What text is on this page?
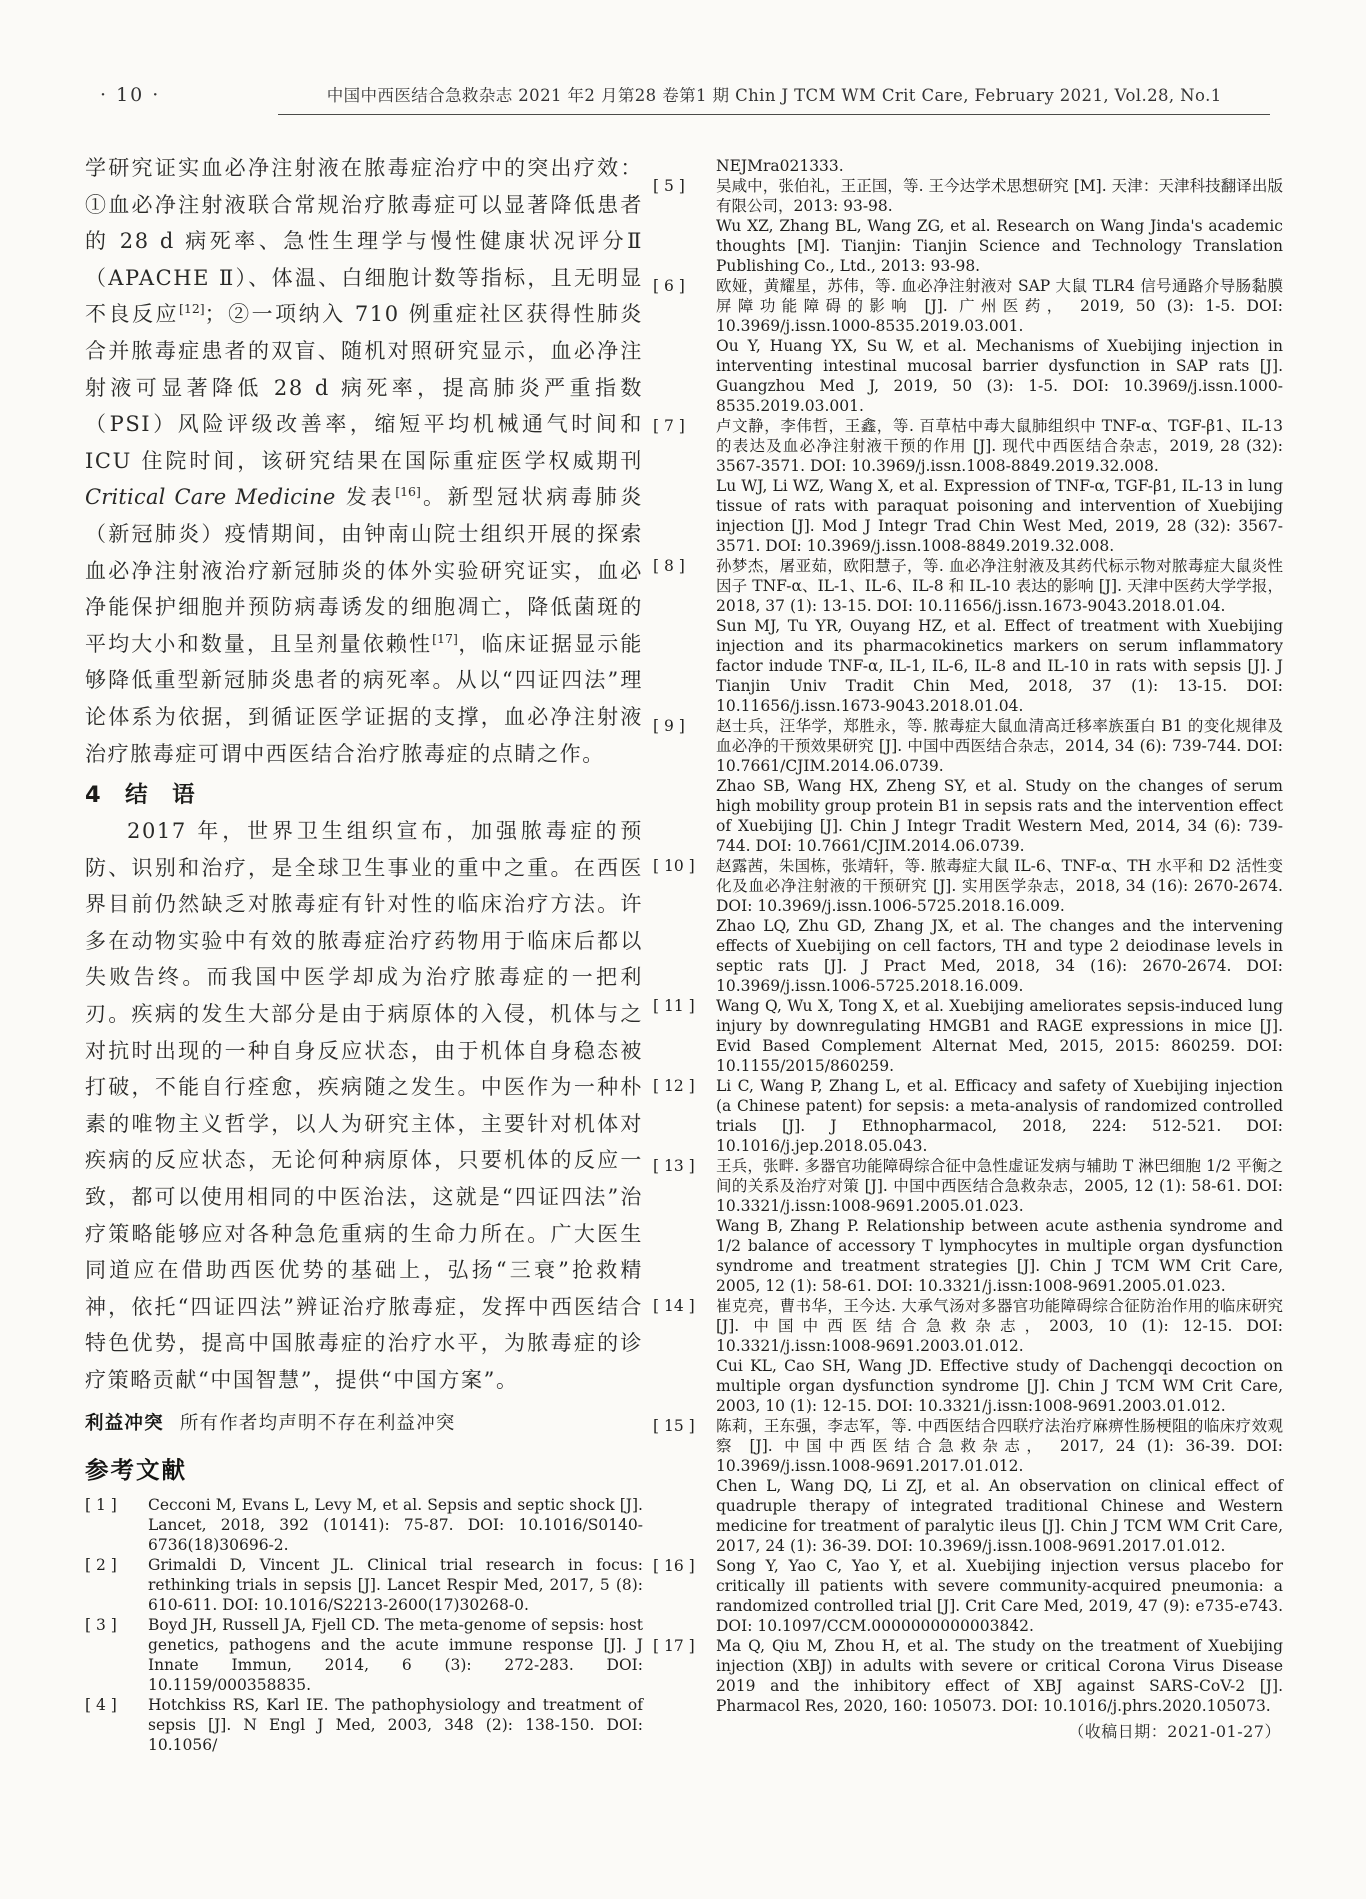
· 10 ·	中国中西医结合急救杂志 2021 年2 月第28 卷第1 期 Chin J TCM WM Crit Care, February 2021, Vol.28, No.1

学研究证实血必净注射液在脓毒症治疗中的突出疗效：①血必净注射液联合常规治疗脓毒症可以显著降低患者的 28 d 病死率、急性生理学与慢性健康状况评分Ⅱ（APACHE Ⅱ）、体温、白细胞计数等指标，且无明显不良反应[12]；②一项纳入 710 例重症社区获得性肺炎合并脓毒症患者的双盲、随机对照研究显示，血必净注射液可显著降低 28 d 病死率，提高肺炎严重指数（PSI）风险评级改善率，缩短平均机械通气时间和 ICU 住院时间，该研究结果在国际重症医学权威期刊 Critical Care Medicine 发表[16]。新型冠状病毒肺炎（新冠肺炎）疫情期间，由钟南山院士组织开展的探索血必净注射液治疗新冠肺炎的体外实验研究证实，血必净能保护细胞并预防病毒诱发的细胞凋亡，降低菌斑的平均大小和数量，且呈剂量依赖性[17]，临床证据显示能够降低重型新冠肺炎患者的病死率。从以“四证四法”理论体系为依据，到循证医学证据的支撑，血必净注射液治疗脓毒症可谓中西医结合治疗脓毒症的点睛之作。

4　结　语

2017 年，世界卫生组织宣布，加强脓毒症的预防、识别和治疗，是全球卫生事业的重中之重。在西医界目前仍然缺乏对脓毒症有针对性的临床治疗方法。许多在动物实验中有效的脓毒症治疗药物用于临床后都以失败告终。而我国中医学却成为治疗脓毒症的一把利刃。疾病的发生大部分是由于病原体的入侵，机体与之对抗时出现的一种自身反应状态，由于机体自身稳态被打破，不能自行痊愈，疾病随之发生。中医作为一种朴素的唯物主义哲学，以人为研究主体，主要针对机体对疾病的反应状态，无论何种病原体，只要机体的反应一致，都可以使用相同的中医治法，这就是“四证四法”治疗策略能够应对各种急危重病的生命力所在。广大医生同道应在借助西医优势的基础上，弘扬“三衰”抢救精神，依托“四证四法”辨证治疗脓毒症，发挥中西医结合特色优势，提高中国脓毒症的治疗水平，为脓毒症的诊疗策略贡献“中国智慧”，提供“中国方案”。

利益冲突 所有作者均声明不存在利益冲突

参考文献
[ 1 ]	Cecconi M, Evans L, Levy M, et al. Sepsis and septic shock [J]. Lancet, 2018, 392 (10141): 75-87. DOI: 10.1016/S0140-6736(18)30696-2.
[ 2 ]	Grimaldi D, Vincent JL. Clinical trial research in focus: rethinking trials in sepsis [J]. Lancet Respir Med, 2017, 5 (8): 610-611. DOI: 10.1016/S2213-2600(17)30268-0.
[ 3 ]	Boyd JH, Russell JA, Fjell CD. The meta-genome of sepsis: host genetics, pathogens and the acute immune response [J]. J Innate Immun, 2014, 6 (3): 272-283. DOI: 10.1159/000358835.
[ 4 ]	Hotchkiss RS, Karl IE. The pathophysiology and treatment of sepsis [J]. N Engl J Med, 2003, 348 (2): 138-150. DOI: 10.1056/
NEJMra021333.
[ 5 ]	吴咸中，张伯礼，王正国，等. 王今达学术思想研究 [M]. 天津：天津科技翻译出版有限公司，2013: 93-98.
Wu XZ, Zhang BL, Wang ZG, et al. Research on Wang Jinda's academic thoughts [M]. Tianjin: Tianjin Science and Technology Translation Publishing Co., Ltd., 2013: 93-98.
[ 6 ]	欧娅，黄耀星，苏伟，等. 血必净注射液对 SAP 大鼠 TLR4 信号通路介导肠黏膜屏障功能障碍的影响 [J]. 广州医药， 2019, 50 (3): 1-5. DOI: 10.3969/j.issn.1000-8535.2019.03.001.
Ou Y, Huang YX, Su W, et al. Mechanisms of Xuebijing injection in interventing intestinal mucosal barrier dysfunction in SAP rats [J]. Guangzhou Med J, 2019, 50 (3): 1-5. DOI: 10.3969/j.issn.1000-8535.2019.03.001.
[ 7 ]	卢文静，李伟哲，王鑫，等. 百草枯中毒大鼠肺组织中 TNF-α、TGF-β1、IL-13 的表达及血必净注射液干预的作用 [J]. 现代中西医结合杂志，2019, 28 (32): 3567-3571. DOI: 10.3969/j.issn.1008-8849.2019.32.008.
Lu WJ, Li WZ, Wang X, et al. Expression of TNF-α, TGF-β1, IL-13 in lung tissue of rats with paraquat poisoning and intervention of Xuebijing injection [J]. Mod J Integr Trad Chin West Med, 2019, 28 (32): 3567-3571. DOI: 10.3969/j.issn.1008-8849.2019.32.008.
[ 8 ]	孙梦杰，屠亚茹，欧阳慧子，等. 血必净注射液及其药代标示物对脓毒症大鼠炎性因子 TNF-α、IL-1、IL-6、IL-8 和 IL-10 表达的影响 [J]. 天津中医药大学学报，2018, 37 (1): 13-15. DOI: 10.11656/j.issn.1673-9043.2018.01.04.
Sun MJ, Tu YR, Ouyang HZ, et al. Effect of treatment with Xuebijing injection and its pharmacokinetics markers on serum inflammatory factor indude TNF-α, IL-1, IL-6, IL-8 and IL-10 in rats with sepsis [J]. J Tianjin Univ Tradit Chin Med, 2018, 37 (1): 13-15. DOI: 10.11656/j.issn.1673-9043.2018.01.04.
[ 9 ]	赵士兵，汪华学，郑胜永，等. 脓毒症大鼠血清高迁移率族蛋白 B1 的变化规律及血必净的干预效果研究 [J]. 中国中西医结合杂志，2014, 34 (6): 739-744. DOI: 10.7661/CJIM.2014.06.0739.
Zhao SB, Wang HX, Zheng SY, et al. Study on the changes of serum high mobility group protein B1 in sepsis rats and the intervention effect of Xuebijing [J]. Chin J Integr Tradit Western Med, 2014, 34 (6): 739-744. DOI: 10.7661/CJIM.2014.06.0739.
[ 10 ]	赵露茜，朱国栋，张靖轩，等. 脓毒症大鼠 IL-6、TNF-α、TH 水平和 D2 活性变化及血必净注射液的干预研究 [J]. 实用医学杂志，2018, 34 (16): 2670-2674. DOI: 10.3969/j.issn.1006-5725.2018.16.009.
Zhao LQ, Zhu GD, Zhang JX, et al. The changes and the intervening effects of Xuebijing on cell factors, TH and type 2 deiodinase levels in septic rats [J]. J Pract Med, 2018, 34 (16): 2670-2674. DOI: 10.3969/j.issn.1006-5725.2018.16.009.
[ 11 ]	Wang Q, Wu X, Tong X, et al. Xuebijing ameliorates sepsis-induced lung injury by downregulating HMGB1 and RAGE expressions in mice [J]. Evid Based Complement Alternat Med, 2015, 2015: 860259. DOI: 10.1155/2015/860259.
[ 12 ]	Li C, Wang P, Zhang L, et al. Efficacy and safety of Xuebijing injection (a Chinese patent) for sepsis: a meta-analysis of randomized controlled trials [J]. J Ethnopharmacol, 2018, 224: 512-521. DOI: 10.1016/j.jep.2018.05.043.
[ 13 ]	王兵，张畔. 多器官功能障碍综合征中急性虚证发病与辅助 T 淋巴细胞 1/2 平衡之间的关系及治疗对策 [J]. 中国中西医结合急救杂志，2005, 12 (1): 58-61. DOI: 10.3321/j.issn:1008-9691.2005.01.023.
Wang B, Zhang P. Relationship between acute asthenia syndrome and 1/2 balance of accessory T lymphocytes in multiple organ dysfunction syndrome and treatment strategies [J]. Chin J TCM WM Crit Care, 2005, 12 (1): 58-61. DOI: 10.3321/j.issn:1008-9691.2005.01.023.
[ 14 ]	崔克亮，曹书华，王今达. 大承气汤对多器官功能障碍综合征防治作用的临床研究 [J]. 中国中西医结合急救杂志，2003, 10 (1): 12-15. DOI: 10.3321/j.issn:1008-9691.2003.01.012.
Cui KL, Cao SH, Wang JD. Effective study of Dachengqi decoction on multiple organ dysfunction syndrome [J]. Chin J TCM WM Crit Care, 2003, 10 (1): 12-15. DOI: 10.3321/j.issn:1008-9691.2003.01.012.
[ 15 ]	陈莉，王东强，李志军，等. 中西医结合四联疗法治疗麻痹性肠梗阻的临床疗效观察 [J]. 中国中西医结合急救杂志， 2017, 24 (1): 36-39. DOI: 10.3969/j.issn.1008-9691.2017.01.012.
Chen L, Wang DQ, Li ZJ, et al. An observation on clinical effect of quadruple therapy of integrated traditional Chinese and Western medicine for treatment of paralytic ileus [J]. Chin J TCM WM Crit Care, 2017, 24 (1): 36-39. DOI: 10.3969/j.issn.1008-9691.2017.01.012.
[ 16 ]	Song Y, Yao C, Yao Y, et al. Xuebijing injection versus placebo for critically ill patients with severe community-acquired pneumonia: a randomized controlled trial [J]. Crit Care Med, 2019, 47 (9): e735-e743. DOI: 10.1097/CCM.0000000000003842.
[ 17 ]	Ma Q, Qiu M, Zhou H, et al. The study on the treatment of Xuebijing injection (XBJ) in adults with severe or critical Corona Virus Disease 2019 and the inhibitory effect of XBJ against SARS-CoV-2 [J]. Pharmacol Res, 2020, 160: 105073. DOI: 10.1016/j.phrs.2020.105073.
（收稿日期：2021-01-27）
